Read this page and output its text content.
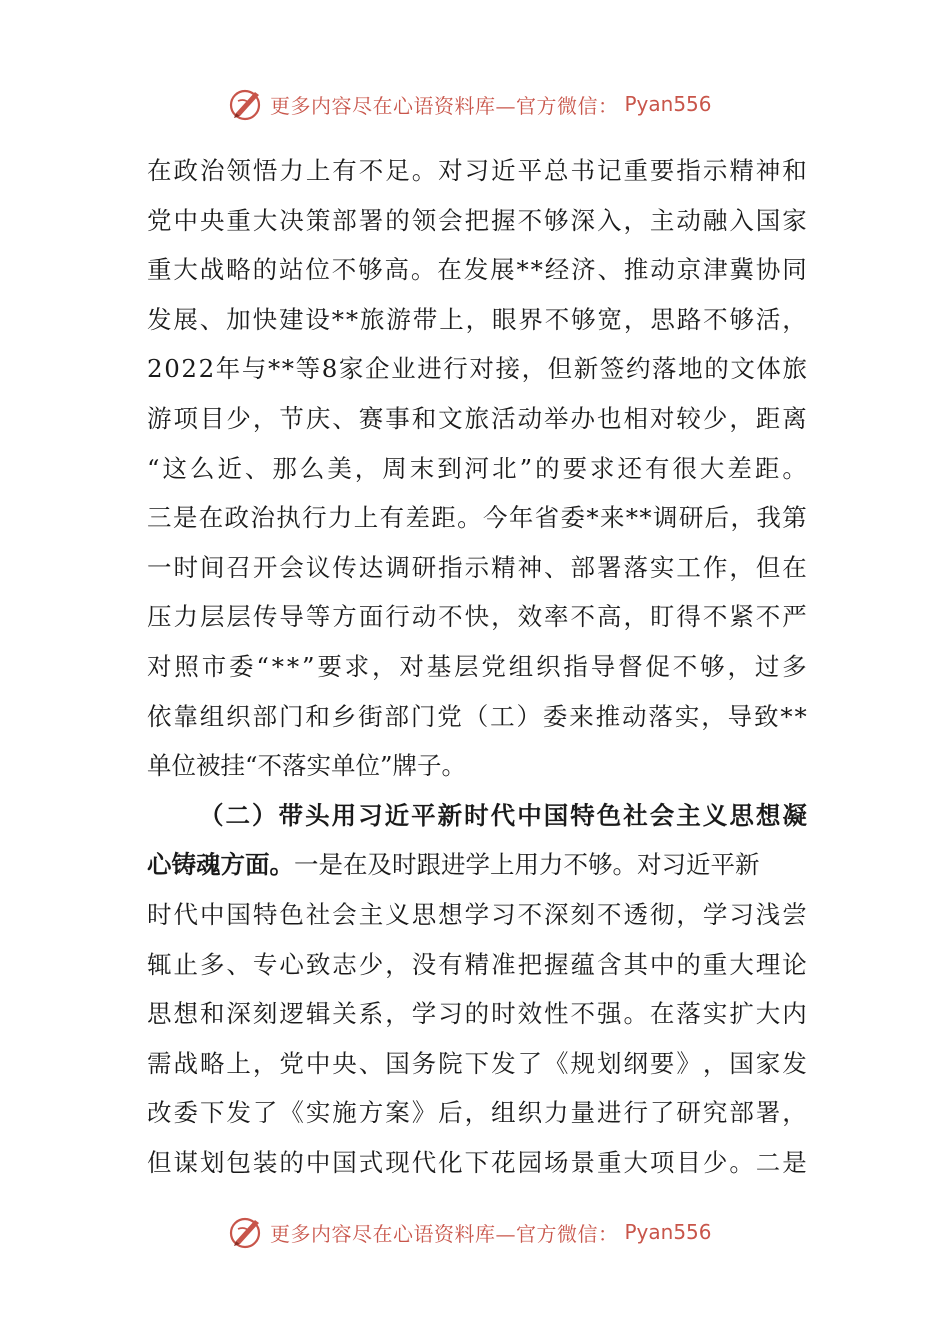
更多内容尽在心语资料库—官方微信： Pyan556
在 政 治 领 悟 力 上 有 不 足 。 对 习 近 平 总 书 记 重 要 指 示 精 神 和
党 中 央 重 大 决 策 部 署 的 领 会 把 握 不 够 深 入 ， 主 动 融 入 国 家
重 大 战 略 的 站 位 不 够 高 。 在 发 展 * * 经 济 、 推 动 京 津 冀 协 同
发 展 、 加 快 建 设 * * 旅 游 带 上 ， 眼 界 不 够 宽 ， 思 路 不 够 活 ，
2 0 2 2 年 与 * * 等 8 家 企 业 进 行 对 接 ， 但 新 签 约 落 地 的 文 体 旅
游 项 目 少 ， 节 庆 、 赛 事 和 文 旅 活 动 举 办 也 相 对 较 少 ， 距 离
“ 这 么 近 、 那 么 美 ， 周 末 到 河 北 ” 的 要 求 还 有 很 大 差 距 。
三 是 在 政 治 执 行 力 上 有 差 距 。 今 年 省 委 * 来 * * 调 研 后 ， 我 第
一 时 间 召 开 会 议 传 达 调 研 指 示 精 神 、 部 署 落 实 工 作 ， 但 在
压 力 层 层 传 导 等 方 面 行 动 不 快 ， 效 率 不 高 ， 盯 得 不 紧 不 严
对 照 市 委 “ * * ” 要 求 ， 对 基 层 党 组 织 指 导 督 促 不 够 ， 过 多
依 靠 组 织 部 门 和 乡 街 部 门 党 （ 工 ） 委 来 推 动 落 实 ， 导 致 * *
单位被挂“不落实单位”牌子。
（ 二 ） 带 头 用 习 近 平 新 时 代 中 国 特 色 社 会 主 义 思 想 凝
心铸魂方面。 一是在及时跟进学上用力不够。对习近平新
时 代 中 国 特 色 社 会 主 义 思 想 学 习 不 深 刻 不 透 彻 ， 学 习 浅 尝
辄 止 多 、 专 心 致 志 少 ， 没 有 精 准 把 握 蕴 含 其 中 的 重 大 理 论
思 想 和 深 刻 逻 辑 关 系 ， 学 习 的 时 效 性 不 强 。 在 落 实 扩 大 内
需 战 略 上 ， 党 中 央 、 国 务 院 下 发 了 《 规 划 纲 要 》 ， 国 家 发
改 委 下 发 了 《 实 施 方 案 》 后 ， 组 织 力 量 进 行 了 研 究 部 署 ，
但 谋 划 包 装 的 中 国 式 现 代 化 下 花 园 场 景 重 大 项 目 少 。 二 是
更多内容尽在心语资料库—官方微信： Pyan556
